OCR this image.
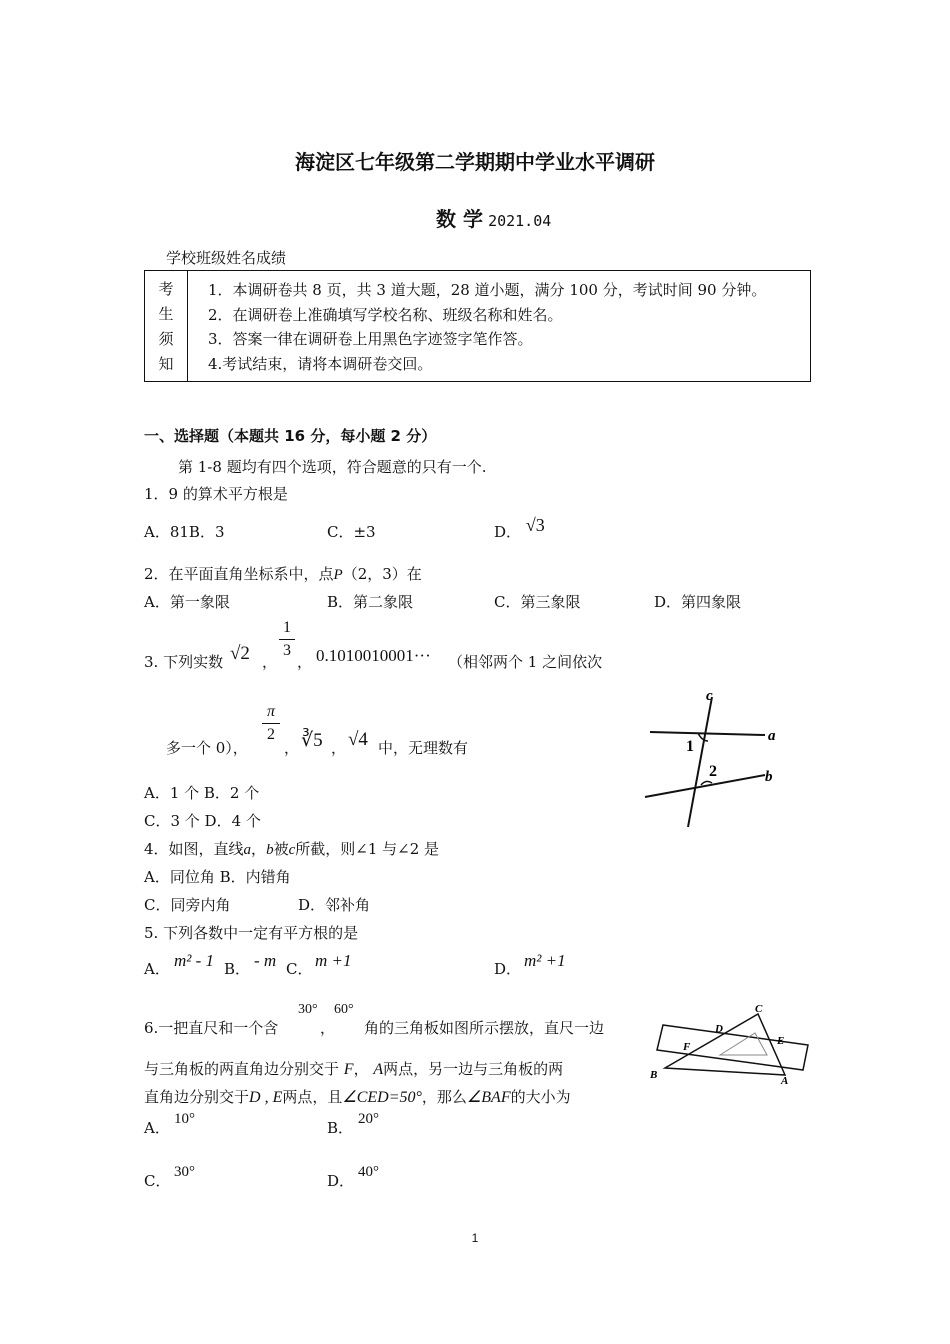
海淀区七年级第二学期期中学业水平调研
数 学 2021.04
学校班级姓名成绩
考
生
须
知

1．本调研卷共 8 页，共 3 道大题，28 道小题，满分 100 分，考试时间 90 分钟。
2．在调研卷上准确填写学校名称、班级名称和姓名。
3．答案一律在调研卷上用黑色字迹签字笔作答。
4.考试结束，请将本调研卷交回。
一、选择题（本题共 16 分，每小题 2 分）
第 1-8 题均有四个选项，符合题意的只有一个.
1．9 的算术平方根是
A．81B．3	C．±3	D． √3
2．在平面直角坐标系中，点P（2，3）在
A．第一象限	B．第二象限	C．第三象限	D．第四象限
3. 下列实数 √2 ，
1
3
， 0.1010010001··· （相邻两个 1 之间依次
多一个 0），
π
2
， ∛5 ， √4 中，无理数有
c
a
b
1
2
A．1 个 B．2 个
C．3 个 D．4 个
4．如图，直线a，b被c所截，则∠1 与∠2 是
A．同位角 B．内错角
C．同旁内角	D．邻补角
5. 下列各数中一定有平方根的是
A． m² - 1 B． - m C． m +1	D． m² +1
6.一把直尺和一个含
30°
，
60°
角的三角板如图所示摆放，直尺一边
与三角板的两直角边分别交于 F， A两点，另一边与三角板的两
直角边分别交于D , E两点，且∠CED=50°，那么∠BAF的大小为
C
D
E
F
B	A
A． 10°	B． 20°
C． 30°	D． 40°
1
